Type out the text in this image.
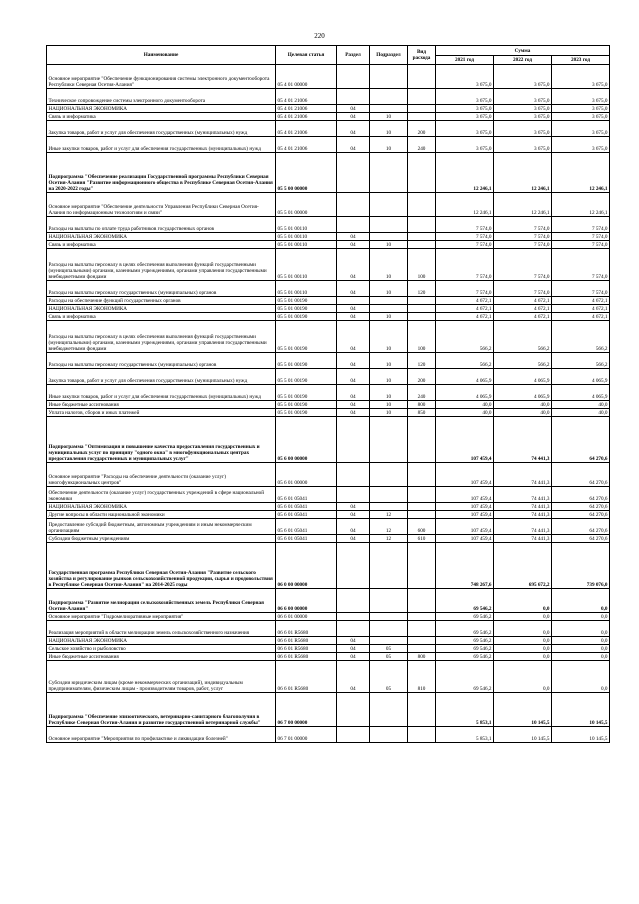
220
Наименование	Целевая статья	Раздел	Подраздел	Вид расхода	Сумма		
					2021 год	2022 год	2023 год
Основное мероприятие "Обеспечение функционирования системы электронного документооборота Республики Северная Осетия-Алания"	05 4 01 00000				3 675,0	3 675,0	3 675,0
Техническое сопровождение системы электронного документооборота	05 4 01 21006				3 675,0	3 675,0	3 675,0
НАЦИОНАЛЬНАЯ ЭКОНОМИКА	05 4 01 21006	04			3 675,0	3 675,0	3 675,0
Связь и информатика	05 4 01 21006	04	10		3 675,0	3 675,0	3 675,0
Закупка товаров, работ и услуг для обеспечения государственных (муниципальных) нужд	05 4 01 21006	04	10	200	3 675,0	3 675,0	3 675,0
Иные закупки товаров, работ и услуг для обеспечения государственных (муниципальных) нужд	05 4 01 21006	04	10	240	3 675,0	3 675,0	3 675,0
Подпрограмма "Обеспечение реализации Государственной программы Республики Северная Осетия-Алания "Развитие информационного общества в Республике Северная Осетия-Алания на 2020-2022 годы"	05 5 00 00000				12 246,1	12 246,1	12 246,1
Основное мероприятие "Обеспечение деятельности Управления Республики Северная Осетия-Алания по информационным технологиям и связи"	05 5 01 00000				12 246,1	12 246,1	12 246,1
Расходы на выплаты по оплате труда работников государственных органов	05 5 01 00110				7 574,0	7 574,0	7 574,0
НАЦИОНАЛЬНАЯ ЭКОНОМИКА	05 5 01 00110	04			7 574,0	7 574,0	7 574,0
Связь и информатика	05 5 01 00110	04	10		7 574,0	7 574,0	7 574,0
Расходы на выплаты персоналу в целях обеспечения выполнения функций государственными (муниципальными) органами, казенными учреждениями, органами управления государственными внебюджетными фондами	05 5 01 00110	04	10	100	7 574,0	7 574,0	7 574,0
Расходы на выплаты персоналу государственных (муниципальных) органов	05 5 01 00110	04	10	120	7 574,0	7 574,0	7 574,0
Расходы на обеспечение функций государственных органов	05 5 01 00190				4 672,1	4 672,1	4 672,1
НАЦИОНАЛЬНАЯ ЭКОНОМИКА	05 5 01 00190	04			4 672,1	4 672,1	4 672,1
Связь и информатика	05 5 01 00190	04	10		4 672,1	4 672,1	4 672,1
Расходы на выплаты персоналу в целях обеспечения выполнения функций государственными (муниципальными) органами, казенными учреждениями, органами управления государственными внебюджетными фондами	05 5 01 00190	04	10	100	566,2	566,2	566,2
Расходы на выплаты персоналу государственных (муниципальных) органов	05 5 01 00190	04	10	120	566,2	566,2	566,2
Закупка товаров, работ и услуг для обеспечения государственных (муниципальных) нужд	05 5 01 00190	04	10	200	4 065,9	4 065,9	4 065,9
Иные закупки товаров, работ и услуг для обеспечения государственных (муниципальных) нужд	05 5 01 00190	04	10	240	4 065,9	4 065,9	4 065,9
Иные бюджетные ассигнования	05 5 01 00190	04	10	800	40,0	40,0	40,0
Уплата налогов, сборов и иных платежей	05 5 01 00190	04	10	850	40,0	40,0	40,0
Подпрограмма "Оптимизация и повышение качества предоставления государственных и муниципальных услуг по принципу "одного окна" в многофункциональных центрах предоставления государственных и муниципальных услуг"	05 6 00 00000				107 459,4	74 441,3	64 270,6
Основное мероприятие "Расходы на обеспечение деятельности (оказание услуг) многофункциональных центров"	05 6 01 00000				107 459,4	74 441,3	64 270,6
Обеспечение деятельности (оказание услуг) государственных учреждений в сфере национальной экономики	05 6 01 05041				107 459,4	74 441,3	64 270,6
НАЦИОНАЛЬНАЯ ЭКОНОМИКА	05 6 01 05041	04			107 459,4	74 441,3	64 270,6
Другие вопросы в области национальной экономики	05 6 01 05041	04	12		107 459,4	74 441,3	64 270,6
Предоставление субсидий бюджетным, автономным учреждениям и иным некоммерческим организациям	05 6 01 05041	04	12	600	107 459,4	74 441,3	64 270,6
Субсидии бюджетным учреждениям	05 6 01 05041	04	12	610	107 459,4	74 441,3	64 270,6
Государственная программа Республики Северная Осетия-Алания "Развитие сельского хозяйства и регулирование рынков сельскохозяйственной продукции, сырья и продовольствия в Республике Северная Осетия-Алания" на 2014-2025 годы	06 0 00 00000				748 267,6	695 672,2	739 076,0
Подпрограмма "Развитие мелиорации сельскохозяйственных земель Республики Северная Осетия-Алания"	06 6 00 00000				69 546,2	0,0	0,0
Основное мероприятие "Гидромелиоративные мероприятия"	06 6 01 00000				69 546,2	0,0	0,0
Реализация мероприятий в области мелиорации земель сельскохозяйственного назначения	06 6 01 R5680				69 546,2	0,0	0,0
НАЦИОНАЛЬНАЯ ЭКОНОМИКА	06 6 01 R5680	04			69 546,2	0,0	0,0
Сельское хозяйство и рыболовство	06 6 01 R5680	04	05		69 546,2	0,0	0,0
Иные бюджетные ассигнования	06 6 01 R5680	04	05	800	69 546,2	0,0	0,0
Субсидии юридическим лицам (кроме некоммерческих организаций), индивидуальным предпринимателям, физическим лицам - производителям товаров, работ, услуг	06 6 01 R5680	04	05	810	69 546,2	0,0	0,0
Подпрограмма "Обеспечение эпизоотического, ветеринарно-санитарного благополучия в Республике Северная Осетия-Алания и развитие государственной ветеринарной службы"	06 7 00 00000				5 853,1	10 145,5	10 145,5
Основное мероприятие "Мероприятия по профилактике и ликвидации болезней"	06 7 01 00000				5 853,1	10 145,5	10 145,5
